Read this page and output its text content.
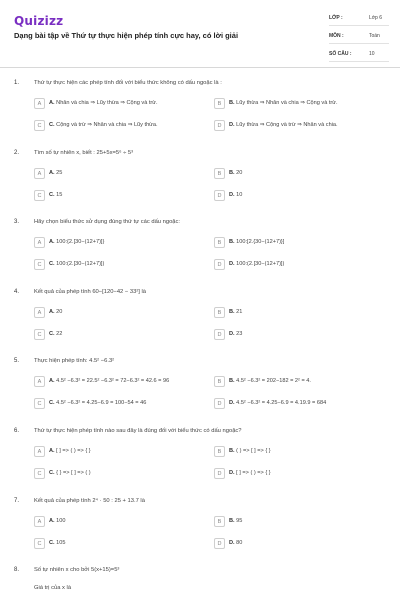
Quizizz
Dạng bài tập về Thứ tự thực hiện phép tính cực hay, có lời giải
LỚP :	Lớp 6
MÔN :	Toán
SỐ CÂU :	10
1.	Thứ tự thực hiện các phép tính đối với biểu thức không có dấu ngoặc là :
A	A. Nhân và chia ⇒ Lũy thừa ⇒ Cộng và trừ.	B	B. Lũy thừa ⇒ Nhân và chia ⇒ Cộng và trừ.
C	C. Cộng và trừ ⇒ Nhân và chia ⇒ Lũy thừa.	D	D. Lũy thừa ⇒ Cộng và trừ ⇒ Nhân và chia.
2.	Tìm số tự nhiên x, biết : 25+5x=5⁶ ÷ 5³
A	A. 25	B	B. 20
C	C. 15	D	D. 10
3.	Hãy chọn biểu thức sử dụng đúng thứ tự các dấu ngoặc:
A	A. 100:{2.[30−(12+7)]}	B	B. 100:[2.{30−(12+7)}]
C	C. 100:(2.[30−(12+7)])	D	D. 100:(2.[30−(12+7)])
4.	Kết quả của phép tính 60−[120−42 − 33²] là
A	A. 20	B	B. 21
C	C. 22	D	D. 23
5.	Thực hiện phép tính: 4.5² −6.3²
A	A. 4.5² −6.3² = 22.5² −6.3² = 72−6.3² = 42.6 = 96	B	B. 4.5² −6.3² = 202−182 = 2² = 4.
C	C. 4.5² −6.3² = 4.25−6.9 = 100−54 = 46	D	D. 4.5² −6.3² = 4.25−6.9 = 4.19.9 = 684
6.	Thứ tự thực hiện phép tính nào sau đây là đúng đối với biểu thức có dấu ngoặc?
A	A. [ ] => ( ) => { }	B	B. ( ) => [ ] => { }
C	C. { } => [ ] => ( )	D	D. [ ] => ( ) => { }
7.	Kết quả của phép tính 2⁴ · 50 : 25 + 13.7 là
A	A. 100	B	B. 95
C	C. 105	D	D. 80
8.	Số tự nhiên x cho bởi 5(x+15)=5³
Giá trị của x là
